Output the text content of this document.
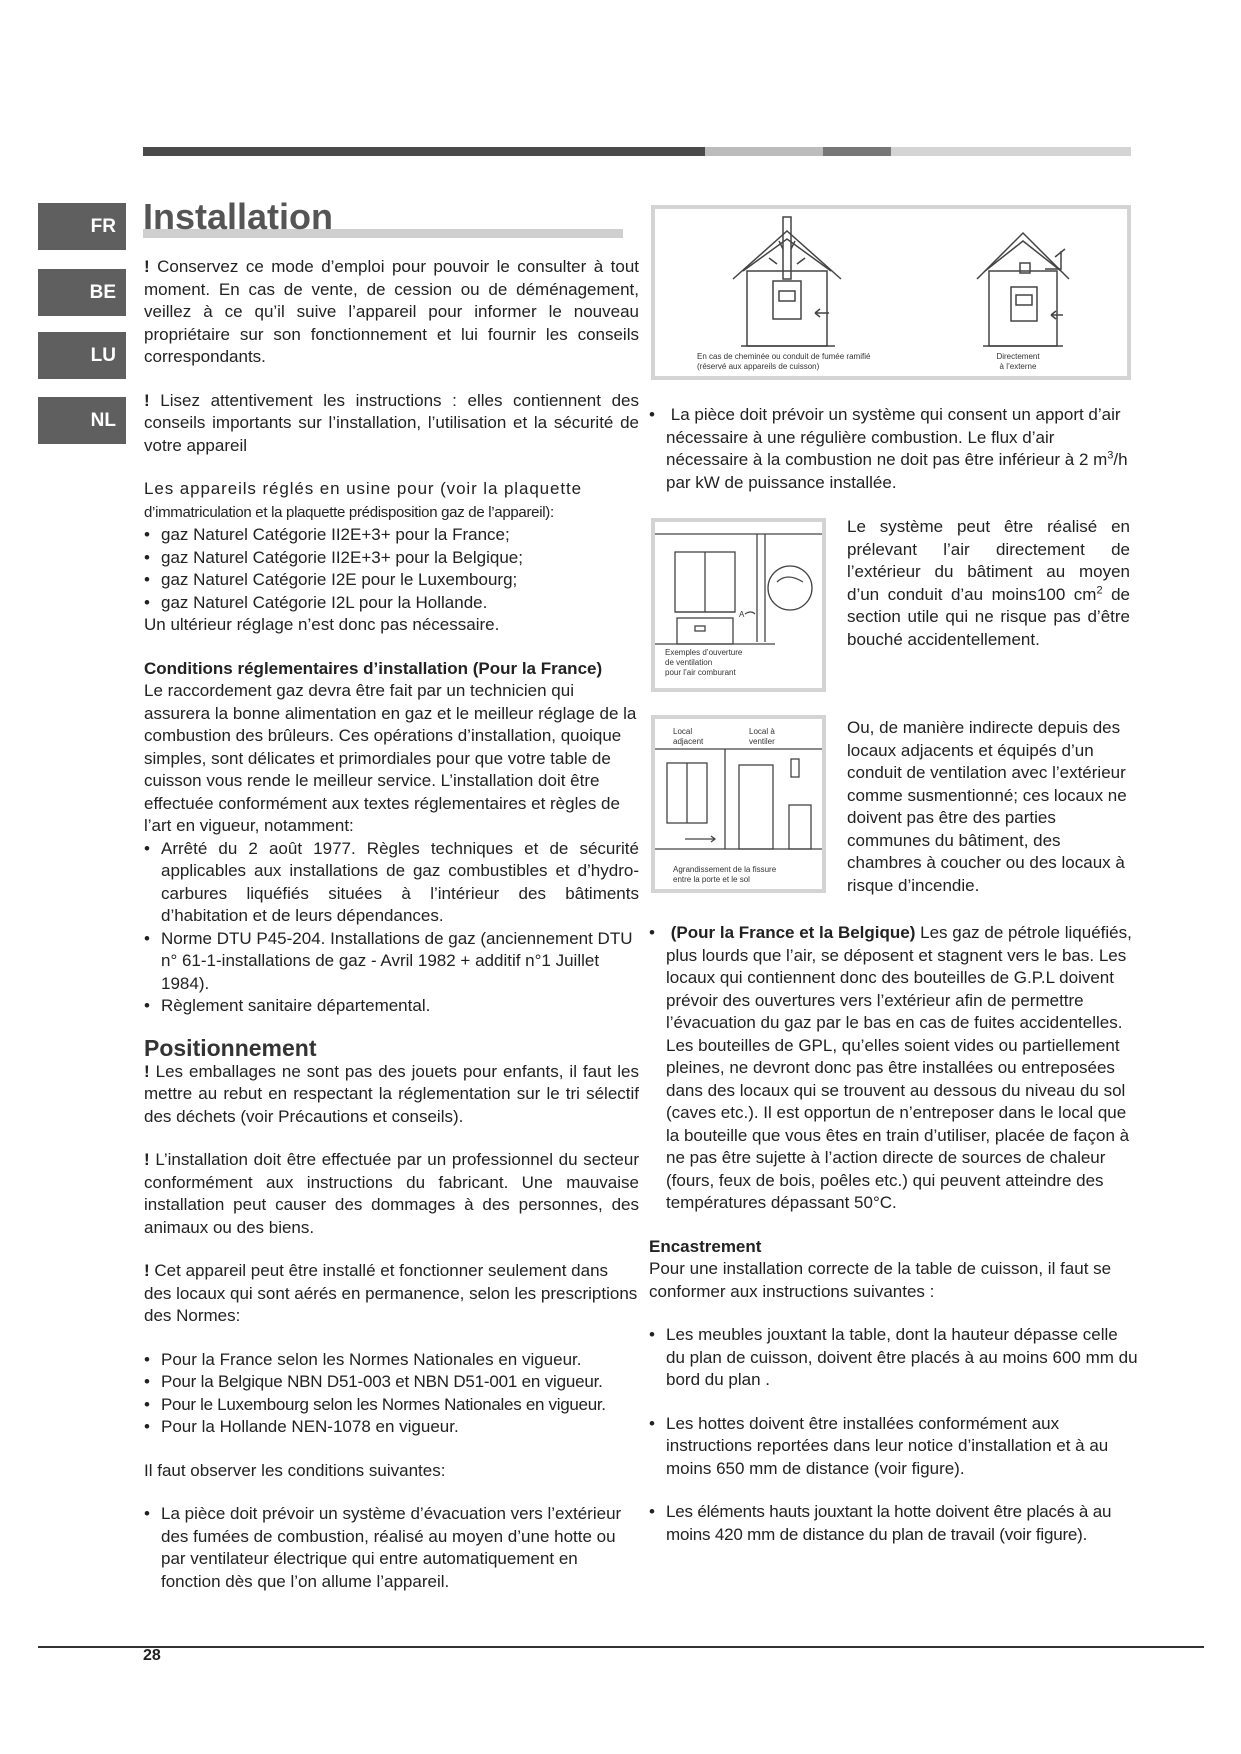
FR
BE
LU
NL
Installation

! Conservez ce mode d’emploi pour pouvoir le consulter à tout moment. En cas de vente, de cession ou de déménagement, veillez à ce qu’il suive l’appareil pour informer le nouveau propriétaire sur son fonctionnement et lui fournir les conseils correspondants.

! Lisez attentivement les instructions : elles contiennent des conseils importants sur l’installation, l’utilisation et la sécurité de votre appareil

Les appareils réglés en usine pour (voir la plaquette
d’immatriculation et la plaquette prédisposition gaz de l’appareil):

• gaz Naturel Catégorie II2E+3+ pour la France;

• gaz Naturel Catégorie II2E+3+ pour la Belgique;

• gaz Naturel Catégorie I2E pour le Luxembourg;

• gaz Naturel Catégorie I2L pour la Hollande.

Un ultérieur réglage n’est donc pas nécessaire.

Conditions réglementaires d’installation (Pour la France)

Le raccordement gaz devra être fait par un technicien qui assurera la bonne alimentation en gaz et le meilleur réglage de la combustion des brûleurs. Ces opérations d’installation, quoique simples, sont délicates et primordiales pour que votre table de cuisson vous rende le meilleur service. L’installation doit être effectuée conformément aux textes réglementaires et règles de l’art en vigueur, notamment:

• Arrêté du 2 août 1977. Règles techniques et de sécurité applicables aux installations de gaz combustibles et d’hydro-carbures liquéfiés situées à l’intérieur des bâtiments d’habitation et de leurs dépendances.

• Norme DTU P45-204. Installations de gaz (anciennement DTU n° 61-1-installations de gaz - Avril 1982 + additif n°1 Juillet 1984).

• Règlement sanitaire départemental.

Positionnement

! Les emballages ne sont pas des jouets pour enfants, il faut les mettre au rebut en respectant la réglementation sur le tri sélectif des déchets (voir Précautions et conseils).

! L’installation doit être effectuée par un professionnel du secteur conformément aux instructions du fabricant. Une mauvaise installation peut causer des dommages à des personnes, des animaux ou des biens.

! Cet appareil peut être installé et fonctionner seulement dans des locaux qui sont aérés en permanence, selon les prescriptions des Normes:

• Pour la France selon les Normes Nationales en vigueur.

• Pour la Belgique NBN D51-003 et NBN D51-001 en vigueur.

• Pour le Luxembourg selon les Normes Nationales en vigueur.

• Pour la Hollande NEN-1078 en vigueur.

Il faut observer les conditions suivantes:

• La pièce doit prévoir un système d’évacuation vers l’extérieur des fumées de combustion, réalisé au moyen d’une hotte ou par ventilateur électrique qui entre automatiquement en fonction dès que l’on allume l’appareil.

En cas de cheminée ou conduit de fumée ramifié
(réservé aux appareils de cuisson)
Directement
à l’externe

• La pièce doit prévoir un système qui consent un apport d’air nécessaire à une régulière combustion. Le flux d’air nécessaire à la combustion ne doit pas être inférieur à 2 $m^3/h$ par kW de puissance installée.

A
Exemples d’ouverture
de ventilation
pour l’air comburant

Le système peut être réalisé en prélevant l’air directement de l’extérieur du bâtiment au moyen d’un conduit d’au moins100 $cm^2$ de section utile qui ne risque pas d’être bouché accidentellement.

Local
adjacent
Local à
ventiler
Agrandissement de la fissure
entre la porte et le sol

Ou, de manière indirecte depuis des locaux adjacents et équipés d’un conduit de ventilation avec l’extérieur comme susmentionné; ces locaux ne doivent pas être des parties communes du bâtiment, des chambres à coucher ou des locaux à risque d’incendie.

• (Pour la France et la Belgique) Les gaz de pétrole liquéfiés, plus lourds que l’air, se déposent et stagnent vers le bas. Les locaux qui contiennent donc des bouteilles de G.P.L doivent prévoir des ouvertures vers l’extérieur afin de permettre l’évacuation du gaz par le bas en cas de fuites accidentelles. Les bouteilles de GPL, qu’elles soient vides ou partiellement pleines, ne devront donc pas être installées ou entreposées dans des locaux qui se trouvent au dessous du niveau du sol (caves etc.). Il est opportun de n’entreposer dans le local que la bouteille que vous êtes en train d’utiliser, placée de façon à ne pas être sujette à l’action directe de sources de chaleur (fours, feux de bois, poêles etc.) qui peuvent atteindre des températures dépassant 50°C.

Encastrement

Pour une installation correcte de la table de cuisson, il faut se conformer aux instructions suivantes :

• Les meubles jouxtant la table, dont la hauteur dépasse celle du plan de cuisson, doivent être placés à au moins 600 mm du bord du plan .

• Les hottes doivent être installées conformément aux instructions reportées dans leur notice d’installation et à au moins 650 mm de distance (voir figure).

• Les éléments hauts jouxtant la hotte doivent être placés à au moins 420 mm de distance du plan de travail (voir figure).

28
